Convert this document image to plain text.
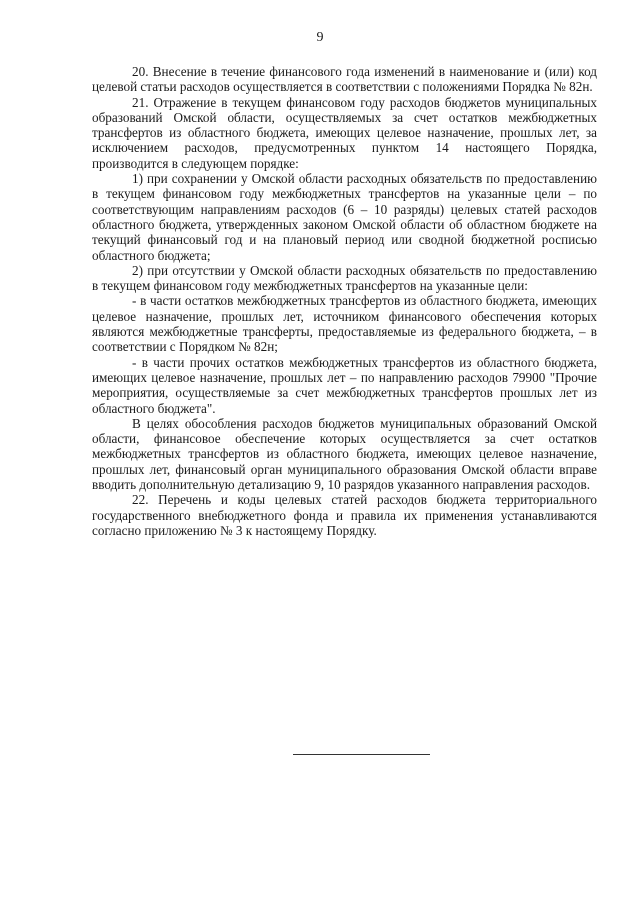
9

20. Внесение в течение финансового года изменений в наименование и (или) код целевой статьи расходов осуществляется в соответствии с положениями Порядка № 82н.

21. Отражение в текущем финансовом году расходов бюджетов муниципальных образований Омской области, осуществляемых за счет остатков межбюджетных трансфертов из областного бюджета, имеющих целевое назначение, прошлых лет, за исключением расходов, предусмотренных пунктом 14 настоящего Порядка, производится в следующем порядке:

1) при сохранении у Омской области расходных обязательств по предоставлению в текущем финансовом году межбюджетных трансфертов на указанные цели – по соответствующим направлениям расходов (6 – 10 разряды) целевых статей расходов областного бюджета, утвержденных законом Омской области об областном бюджете на текущий финансовый год и на плановый период или сводной бюджетной росписью областного бюджета;

2) при отсутствии у Омской области расходных обязательств по предоставлению в текущем финансовом году межбюджетных трансфертов на указанные цели:

- в части остатков межбюджетных трансфертов из областного бюджета, имеющих целевое назначение, прошлых лет, источником финансового обеспечения которых являются межбюджетные трансферты, предоставляемые из федерального бюджета, – в соответствии с Порядком № 82н;

- в части прочих остатков межбюджетных трансфертов из областного бюджета, имеющих целевое назначение, прошлых лет – по направлению расходов 79900 "Прочие мероприятия, осуществляемые за счет межбюджетных трансфертов прошлых лет из областного бюджета".

В целях обособления расходов бюджетов муниципальных образований Омской области, финансовое обеспечение которых осуществляется за счет остатков межбюджетных трансфертов из областного бюджета, имеющих целевое назначение, прошлых лет, финансовый орган муниципального образования Омской области вправе вводить дополнительную детализацию 9, 10 разрядов указанного направления расходов.

22. Перечень и коды целевых статей расходов бюджета территориального государственного внебюджетного фонда и правила их применения устанавливаются согласно приложению № 3 к настоящему Порядку.
